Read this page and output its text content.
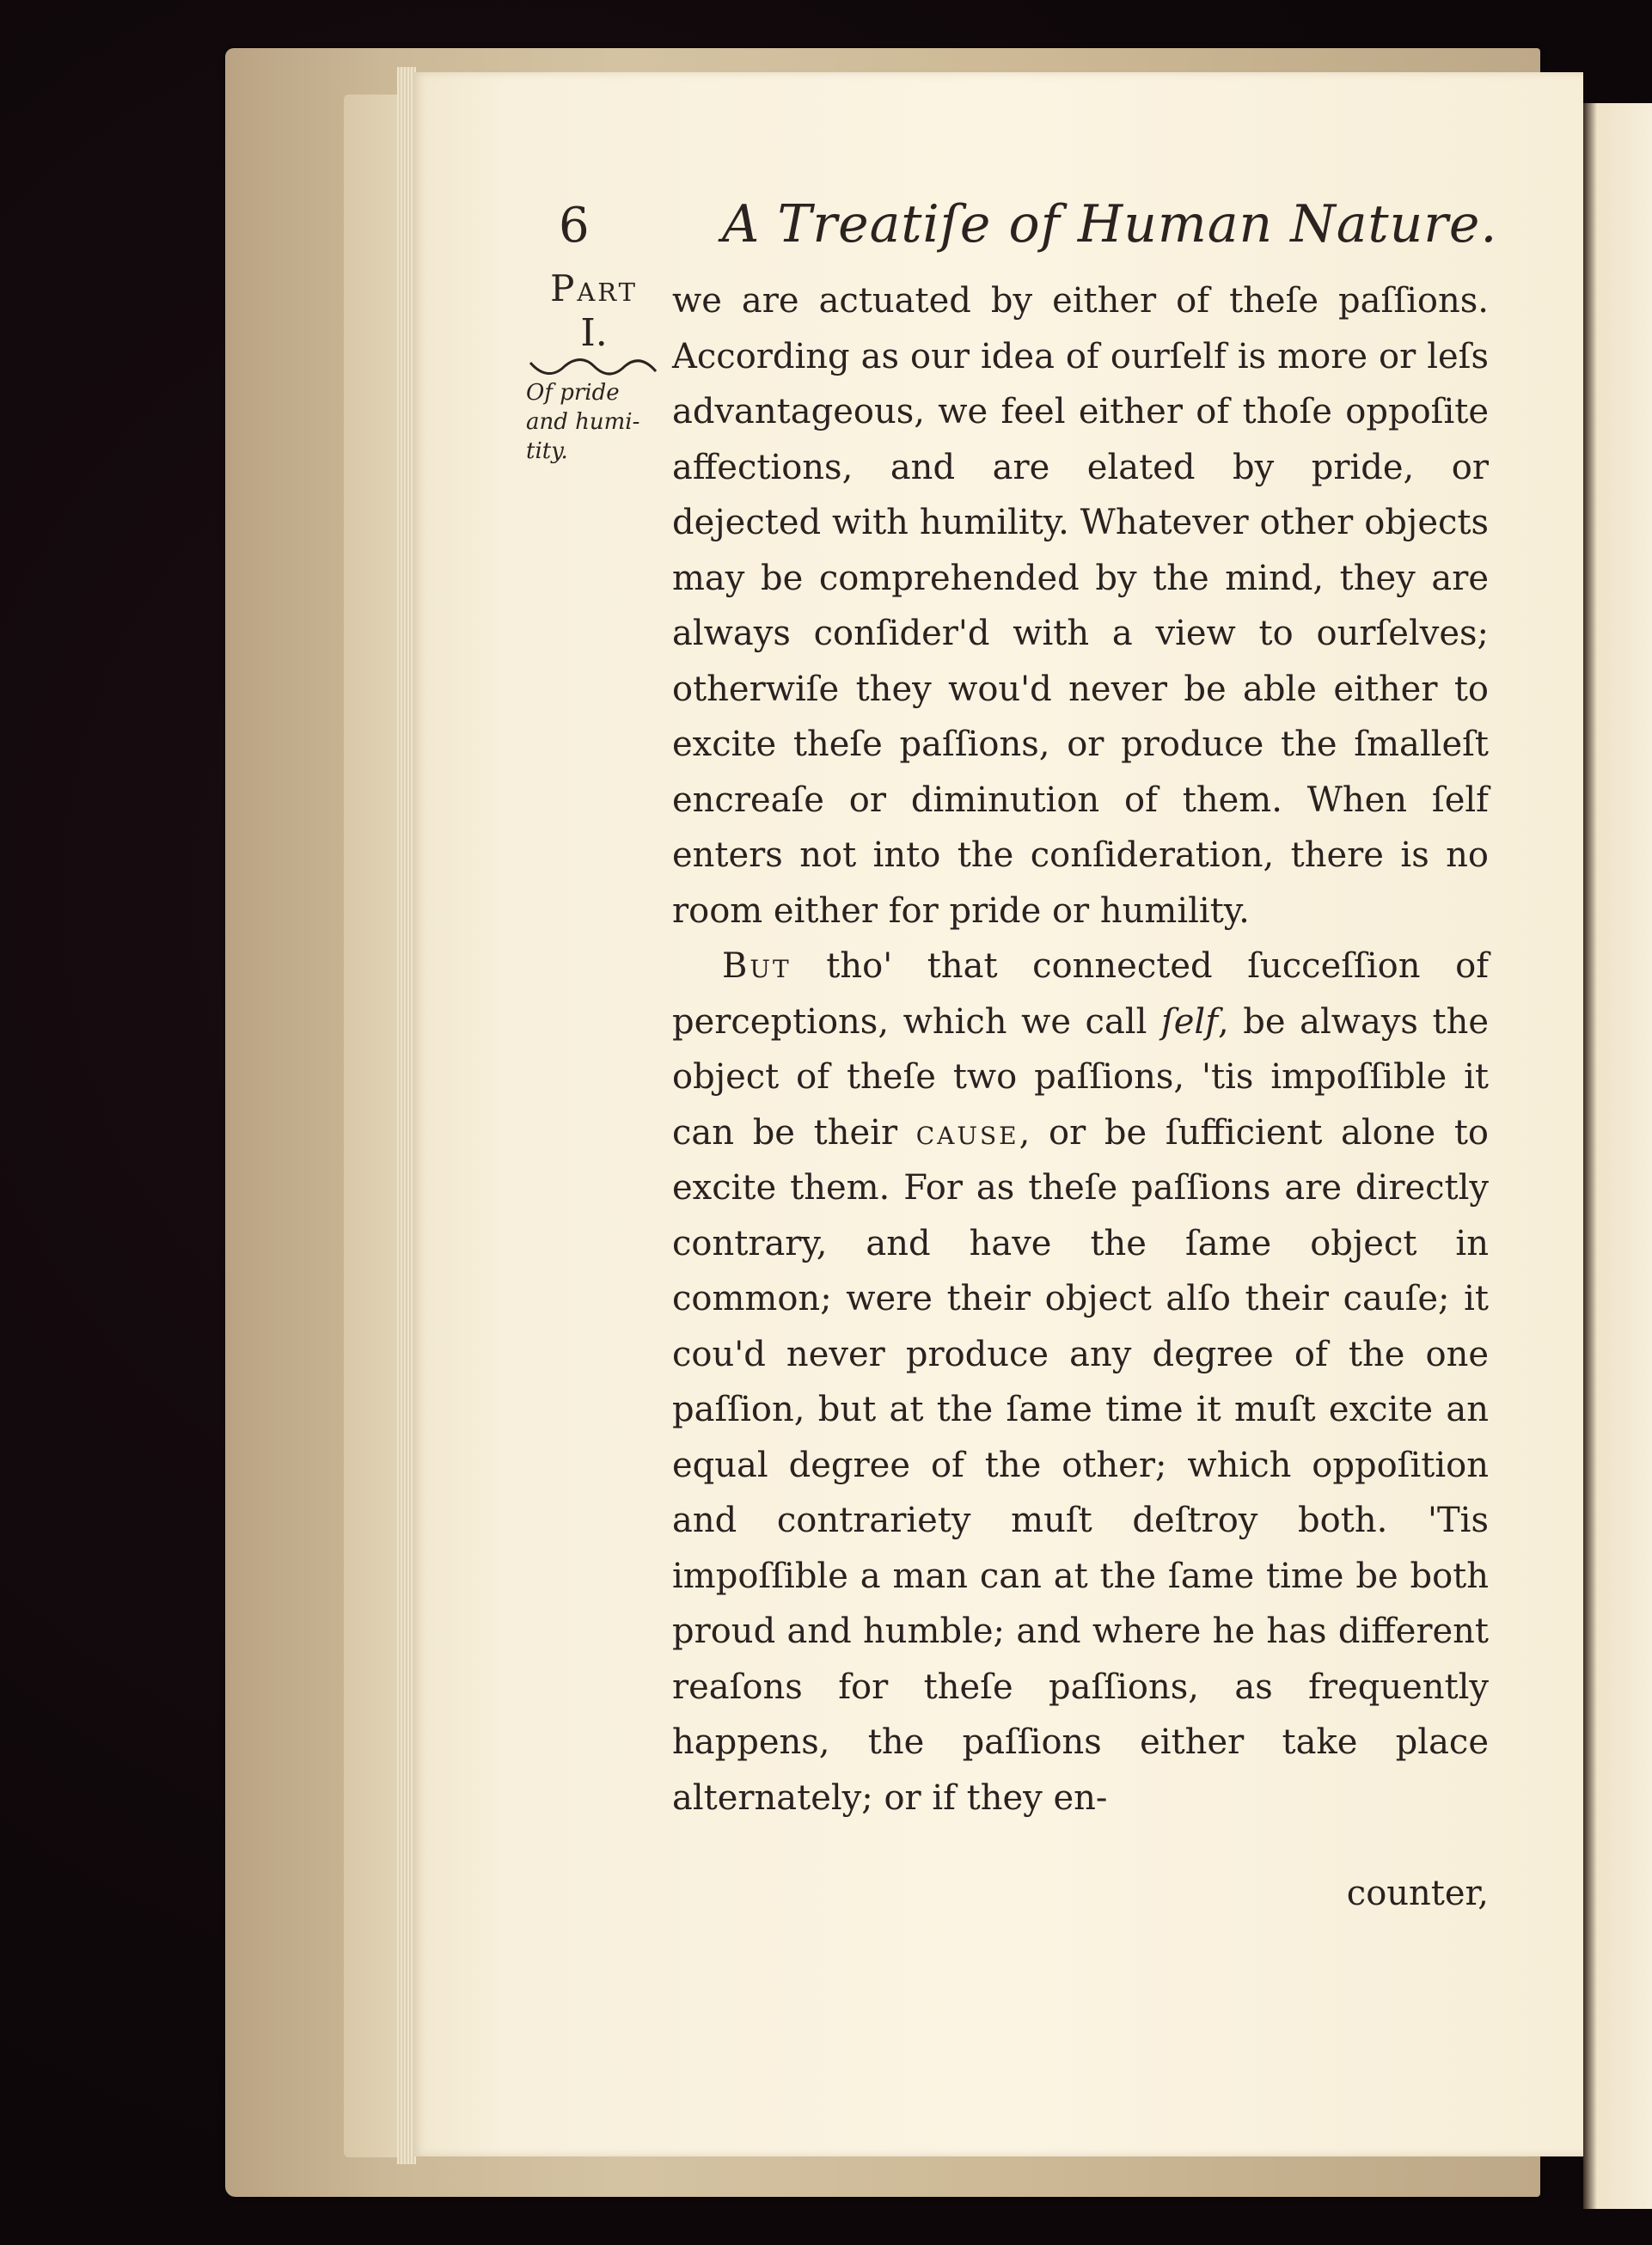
6	A Treatiſe of Human Nature.
Part
I.
Of pride and humi- tity.

we are actuated by either of theſe paſſions. According as our idea of ourſelf is more or leſs advantageous, we feel either of thoſe oppoſite affections, and are elated by pride, or dejected with humility. Whatever other objects may be comprehended by the mind, they are always conſider'd with a view to ourſelves; otherwiſe they wou'd never be able either to excite theſe paſſions, or produce the ſmalleſt encreaſe or diminution of them. When ſelf enters not into the conſideration, there is no room either for pride or humility.

But tho' that connected ſucceſſion of perceptions, which we call ſelf, be always the object of theſe two paſſions, 'tis impoſſible it can be their cause, or be ſufficient alone to excite them. For as theſe paſſions are directly contrary, and have the ſame object in common; were their object alſo their cauſe; it cou'd never produce any degree of the one paſſion, but at the ſame time it muſt excite an equal degree of the other; which oppoſition and contrariety muſt deſtroy both. 'Tis impoſſible a man can at the ſame time be both proud and humble; and where he has different reaſons for theſe paſſions, as frequently happens, the paſſions either take place alternately; or if they en-

counter,
